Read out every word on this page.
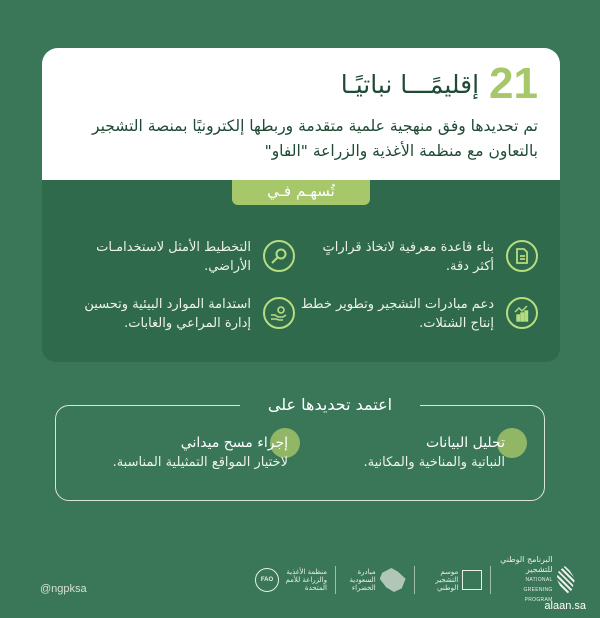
21
إقليمًـــا نباتيًـا
تم تحديدها وفق منهجية علمية متقدمة وربطها إلكترونيًا بمنصة التشجير بالتعاون مع منظمة الأغذية والزراعة "الفاو"
تُسهـم فـي
بناء قاعدة معرفية لاتخاذ قراراتٍ أكثر دقة.
التخطيط الأمثل لاستخدامـات الأراضي.
دعم مبادرات التشجير وتطوير خطط إنتاج الشتلات.
استدامة الموارد البيئية وتحسين إدارة المراعي والغابات.
اعتمد تحديدها على
تحليل البيانات
النباتية والمناخية والمكانية.
إجراء مسح ميداني
لاختيار المواقع التمثيلية المناسبة.
@ngpksa
البرنامج الوطني للتشجير
NATIONAL GREENING PROGRAM
موسم التشجير الوطني
مبادرة السعودية الخضراء
FAO
منظمة الأغذية والزراعة للأمم المتحدة
alaan.sa
